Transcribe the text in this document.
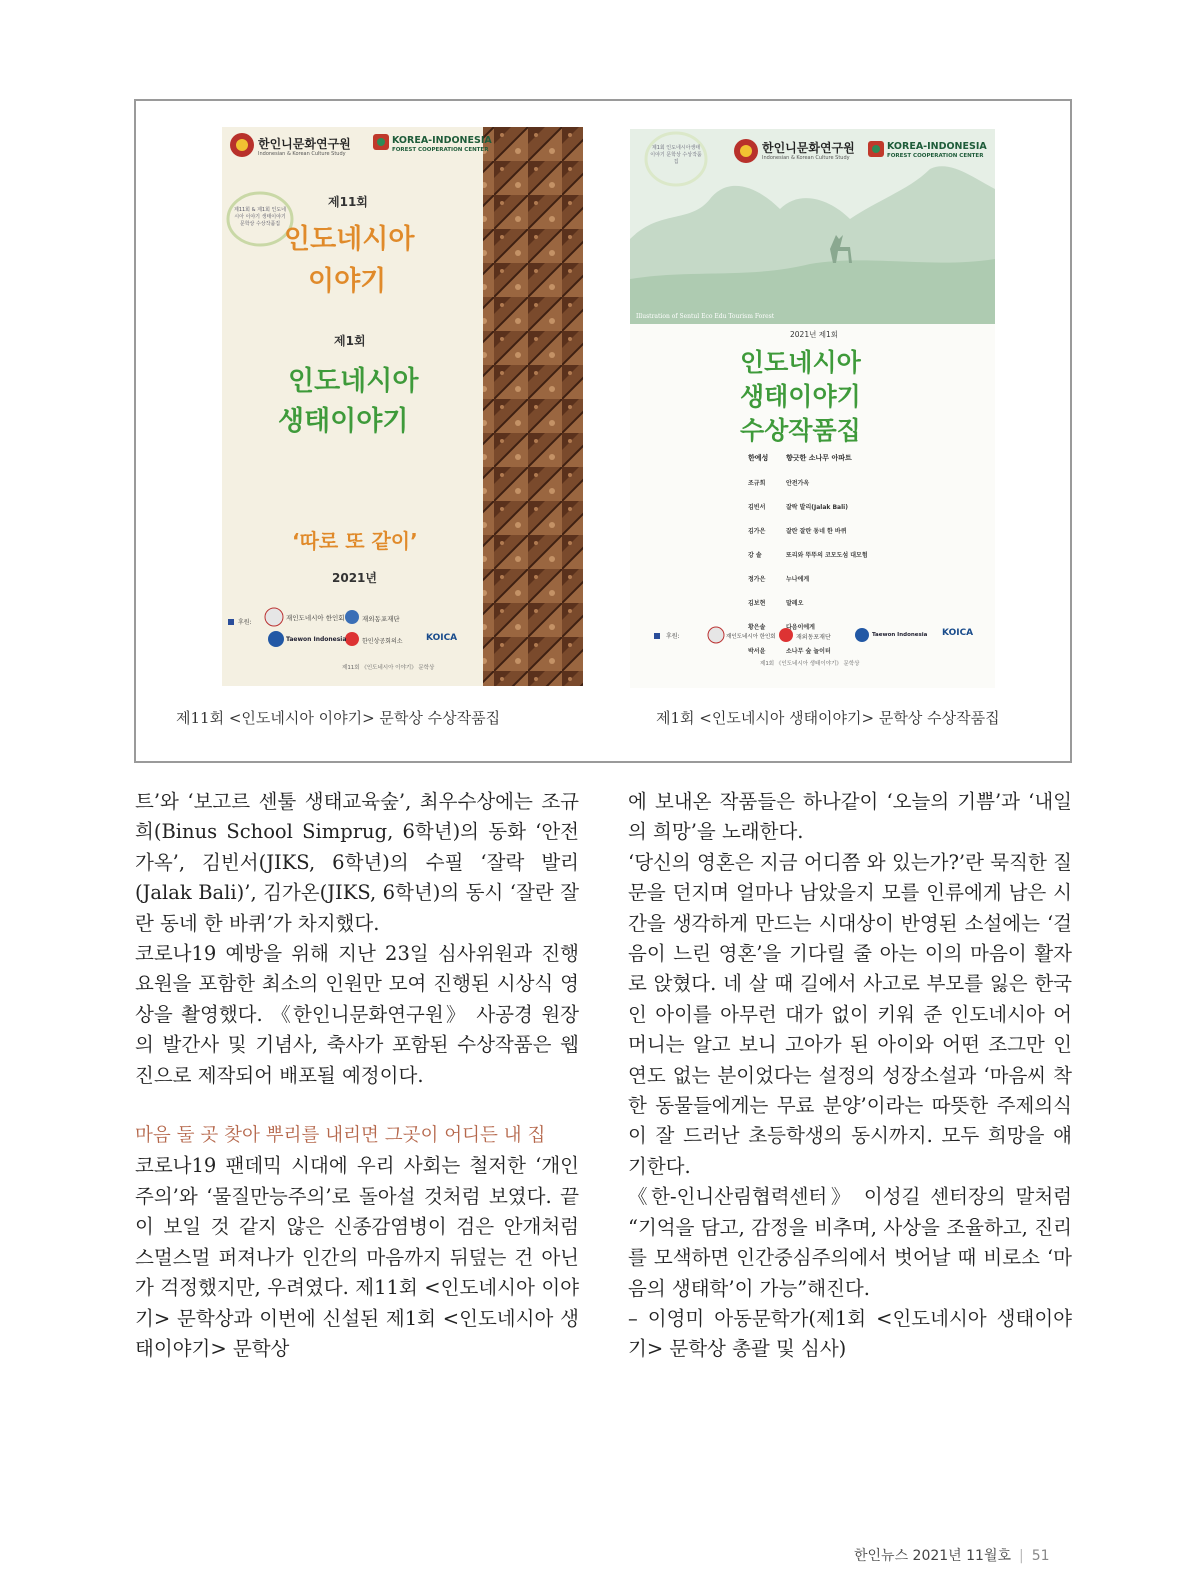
한인니문화연구원
Indonesian & Korean Culture Study
KOREA-INDONESIA
FOREST COOPERATION CENTER
제11회 & 제1회 인도네시아 이야기 생태이야기 문학상 수상작품집
제11회
인도네시아
이야기
제1회
인도네시아
생태이야기
‘따로 또 같이’
2021년
후원:
재인도네시아 한인회	재외동포재단
Taewon Indonesia	한인상공회의소	KOICA
제11회 《인도네시아 이야기》 문학상
한인니문화연구원
Indonesian & Korean Culture Study
KOREA-INDONESIA
FOREST COOPERATION CENTER
제1회 인도네시아생태이야기 문학상 수상작품집
Illustration of Sentul Eco Edu Tourism Forest
2021년 제1회
인도네시아
생태이야기
수상작품집
한예성	향긋한 소나무 아파트
조규희	안전가옥
김빈서	잘락 발리(Jalak Bali)
김가은	잘란 잘란 동네 한 바퀴
강 솔	또리와 뚜뚜의 코모도섬 대모험
정가은	누나에게
김보현	말레오
황은솔	다음이에게
박서윤	소나무 숲 놀이터
후원:	재인도네시아 한인회	재외동포재단	Taewon Indonesia KOICA
제1회 《인도네시아 생태이야기》 문학상
제11회 <인도네시아 이야기> 문학상 수상작품집	제1회 <인도네시아 생태이야기> 문학상 수상작품집

트’와 ‘보고르 센툴 생태교육숲’, 최우수상에는 조규희(Binus School Simprug, 6학년)의 동화 ‘안전 가옥’, 김빈서(JIKS, 6학년)의 수필 ‘잘락 발리(Jalak Bali)’, 김가온(JIKS, 6학년)의 동시 ‘잘란 잘란 동네 한 바퀴’가 차지했다.

코로나19 예방을 위해 지난 23일 심사위원과 진행요원을 포함한 최소의 인원만 모여 진행된 시상식 영상을 촬영했다. 《한인니문화연구원》 사공경 원장의 발간사 및 기념사, 축사가 포함된 수상작품은 웹진으로 제작되어 배포될 예정이다.

마음 둘 곳 찾아 뿌리를 내리면 그곳이 어디든 내 집

코로나19 팬데믹 시대에 우리 사회는 철저한 ‘개인주의’와 ‘물질만능주의’로 돌아설 것처럼 보였다. 끝이 보일 것 같지 않은 신종감염병이 검은 안개처럼 스멀스멀 퍼져나가 인간의 마음까지 뒤덮는 건 아닌가 걱정했지만, 우려였다. 제11회 <인도네시아 이야기> 문학상과 이번에 신설된 제1회 <인도네시아 생태이야기> 문학상

에 보내온 작품들은 하나같이 ‘오늘의 기쁨’과 ‘내일의 희망’을 노래한다.

‘당신의 영혼은 지금 어디쯤 와 있는가?’란 묵직한 질문을 던지며 얼마나 남았을지 모를 인류에게 남은 시간을 생각하게 만드는 시대상이 반영된 소설에는 ‘걸음이 느린 영혼’을 기다릴 줄 아는 이의 마음이 활자로 앉혔다. 네 살 때 길에서 사고로 부모를 잃은 한국인 아이를 아무런 대가 없이 키워 준 인도네시아 어머니는 알고 보니 고아가 된 아이와 어떤 조그만 인연도 없는 분이었다는 설정의 성장소설과 ‘마음씨 착한 동물들에게는 무료 분양’이라는 따뜻한 주제의식이 잘 드러난 초등학생의 동시까지. 모두 희망을 얘기한다.

《한-인니산림협력센터》 이성길 센터장의 말처럼 “기억을 담고, 감정을 비추며, 사상을 조율하고, 진리를 모색하면 인간중심주의에서 벗어날 때 비로소 ‘마음의 생태학’이 가능”해진다.

– 이영미 아동문학가(제1회 <인도네시아 생태이야기> 문학상 총괄 및 심사)

한인뉴스 2021년 11월호 | 51
